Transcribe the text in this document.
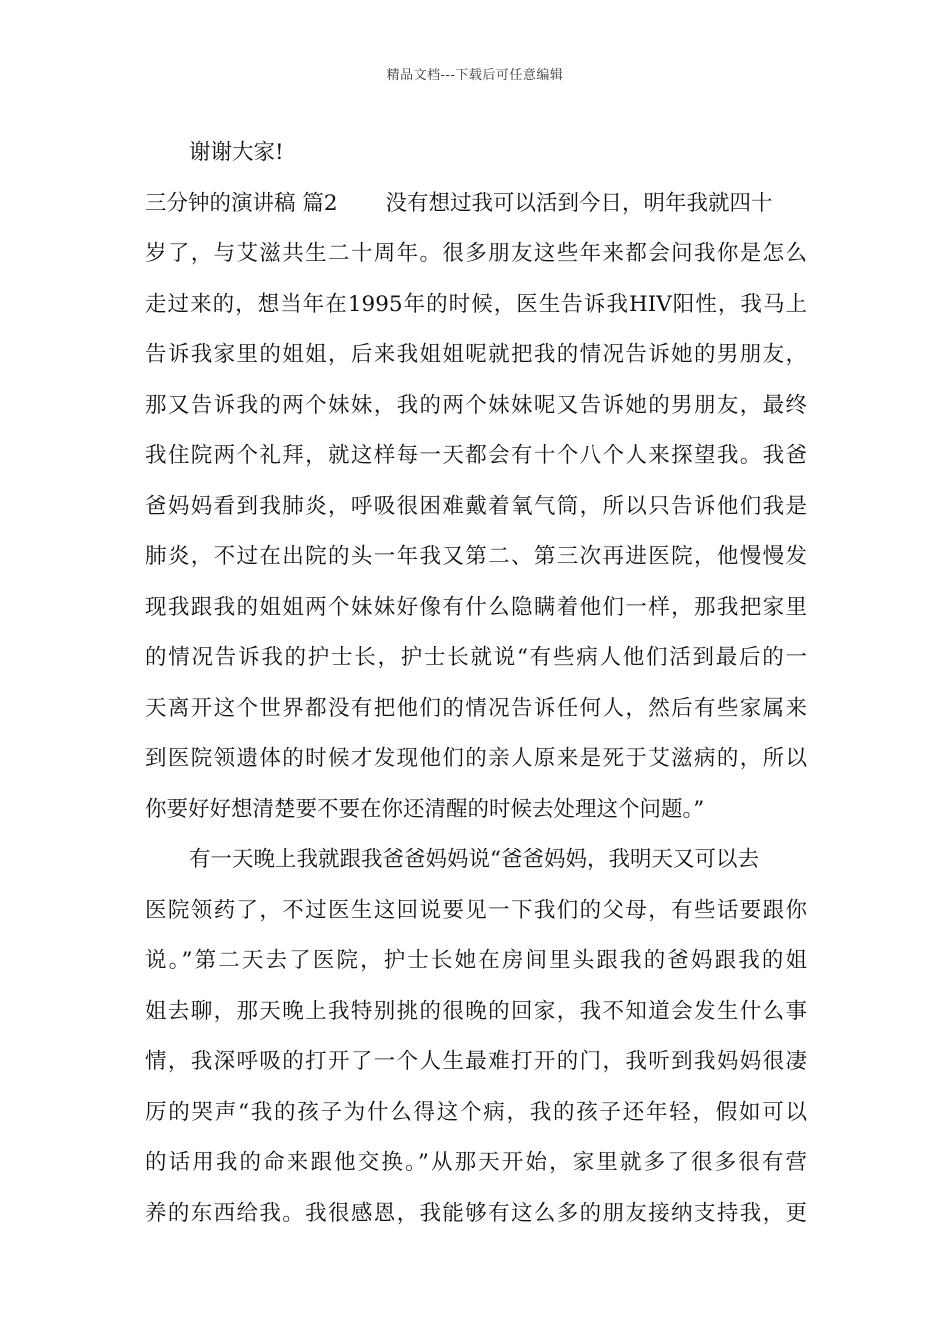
精品文档---下载后可任意编辑
谢谢大家!
三分钟的演讲稿 篇2 没有想过我可以活到今日，明年我就四十
岁了，与艾滋共生二十周年。很多朋友这些年来都会问我你是怎么
走过来的，想当年在1995年的时候，医生告诉我HIV阳性，我马上
告诉我家里的姐姐，后来我姐姐呢就把我的情况告诉她的男朋友，
那又告诉我的两个妹妹，我的两个妹妹呢又告诉她的男朋友，最终
我住院两个礼拜，就这样每一天都会有十个八个人来探望我。我爸
爸妈妈看到我肺炎，呼吸很困难戴着氧气筒，所以只告诉他们我是
肺炎，不过在出院的头一年我又第二、第三次再进医院，他慢慢发
现我跟我的姐姐两个妹妹好像有什么隐瞒着他们一样，那我把家里
的情况告诉我的护士长，护士长就说“有些病人他们活到最后的一
天离开这个世界都没有把他们的情况告诉任何人，然后有些家属来
到医院领遗体的时候才发现他们的亲人原来是死于艾滋病的，所以
你要好好想清楚要不要在你还清醒的时候去处理这个问题。”
有一天晚上我就跟我爸爸妈妈说“爸爸妈妈，我明天又可以去
医院领药了，不过医生这回说要见一下我们的父母，有些话要跟你
说。”第二天去了医院，护士长她在房间里头跟我的爸妈跟我的姐
姐去聊，那天晚上我特别挑的很晚的回家，我不知道会发生什么事
情，我深呼吸的打开了一个人生最难打开的门，我听到我妈妈很凄
厉的哭声“我的孩子为什么得这个病，我的孩子还年轻，假如可以
的话用我的命来跟他交换。”从那天开始，家里就多了很多很有营
养的东西给我。我很感恩，我能够有这么多的朋友接纳支持我，更
